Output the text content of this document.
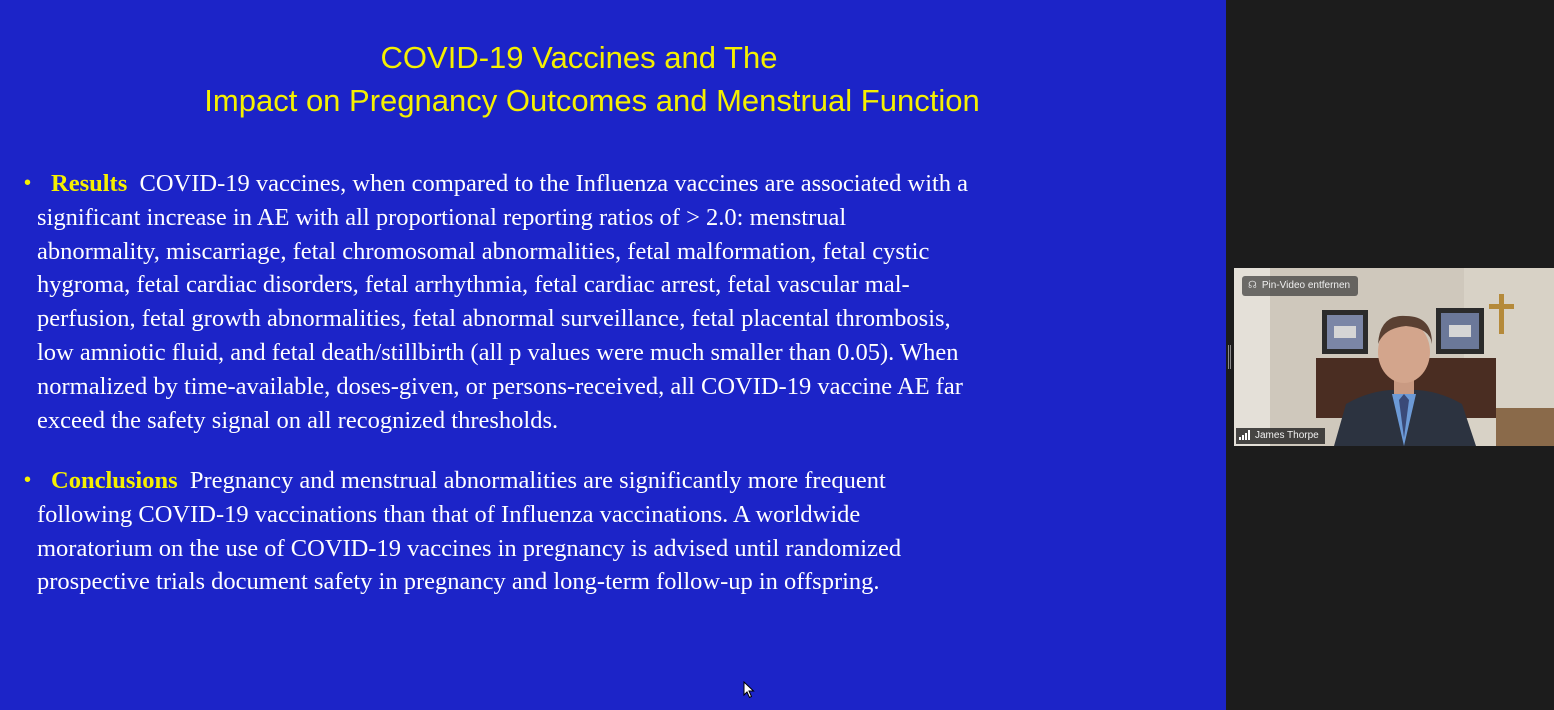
COVID-19 Vaccines and The
Impact on Pregnancy Outcomes and Menstrual Function
• Results COVID-19 vaccines, when compared to the Influenza vaccines are associated with a
significant increase in AE with all proportional reporting ratios of > 2.0: menstrual
abnormality, miscarriage, fetal chromosomal abnormalities, fetal malformation, fetal cystic
hygroma, fetal cardiac disorders, fetal arrhythmia, fetal cardiac arrest, fetal vascular mal-
perfusion, fetal growth abnormalities, fetal abnormal surveillance, fetal placental thrombosis,
low amniotic fluid, and fetal death/stillbirth (all p values were much smaller than 0.05). When
normalized by time-available, doses-given, or persons-received, all COVID-19 vaccine AE far
exceed the safety signal on all recognized thresholds.
• Conclusions Pregnancy and menstrual abnormalities are significantly more frequent
following COVID-19 vaccinations than that of Influenza vaccinations. A worldwide
moratorium on the use of COVID-19 vaccines in pregnancy is advised until randomized
prospective trials document safety in pregnancy and long-term follow-up in offspring.
☊ Pin-Video entfernen
James Thorpe
